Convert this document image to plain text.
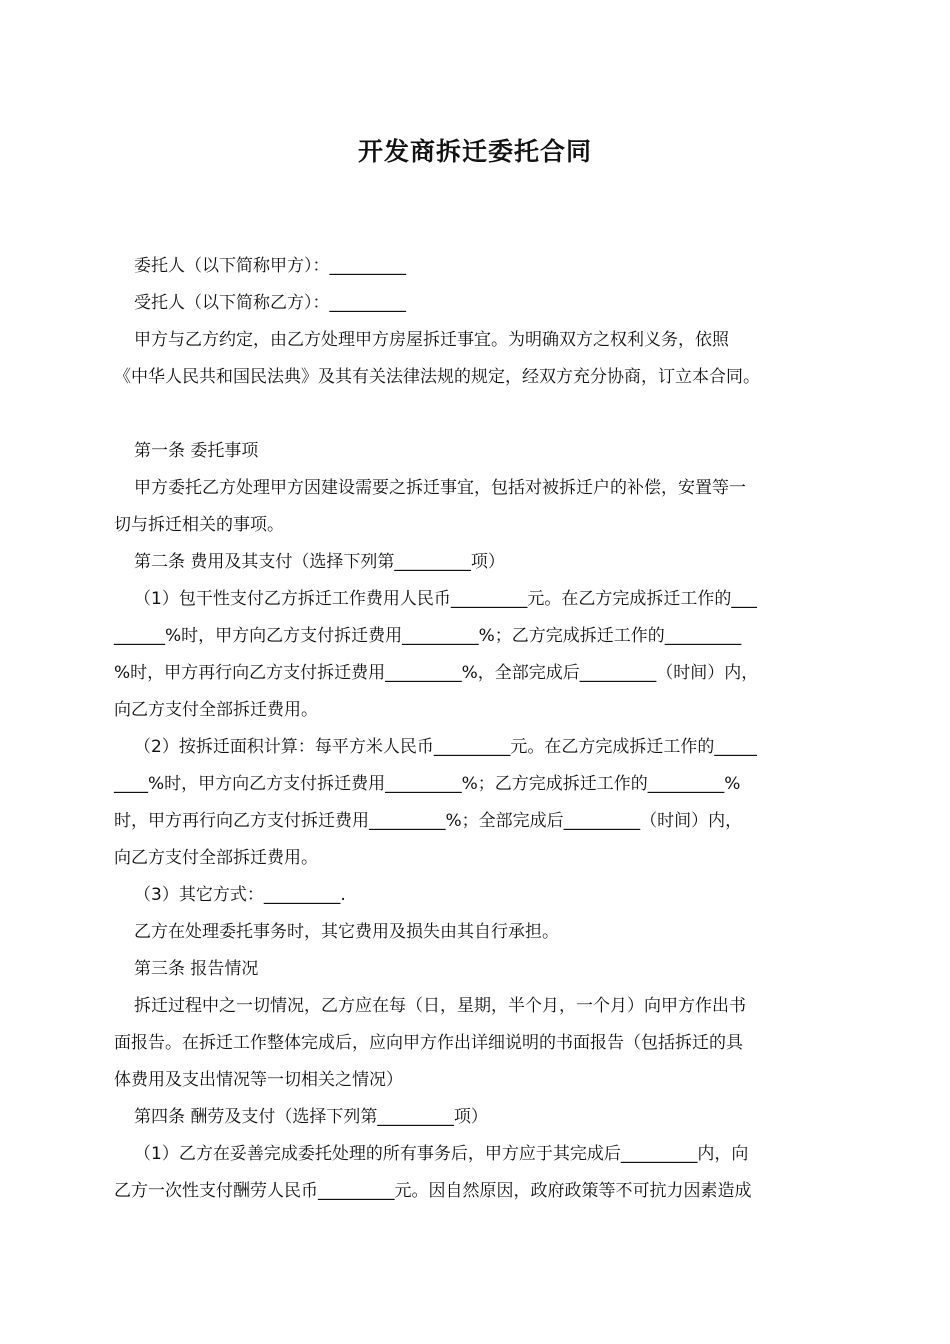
开发商拆迁委托合同
委托人（以下简称甲方）：_________
受托人（以下简称乙方）：_________
甲方与乙方约定，由乙方处理甲方房屋拆迁事宜。为明确双方之权利义务，依照
《中华人民共和国民法典》及其有关法律法规的规定，经双方充分协商，订立本合同。
第一条 委托事项
甲方委托乙方处理甲方因建设需要之拆迁事宜，包括对被拆迁户的补偿，安置等一
切与拆迁相关的事项。
第二条 费用及其支付（选择下列第_________项）
（1）包干性支付乙方拆迁工作费用人民币_________元。在乙方完成拆迁工作的___
______%时，甲方向乙方支付拆迁费用_________%；乙方完成拆迁工作的_________
%时，甲方再行向乙方支付拆迁费用_________%，全部完成后_________（时间）内，
向乙方支付全部拆迁费用。
（2）按拆迁面积计算：每平方米人民币_________元。在乙方完成拆迁工作的_____
____%时，甲方向乙方支付拆迁费用_________%；乙方完成拆迁工作的_________%
时，甲方再行向乙方支付拆迁费用_________%；全部完成后_________（时间）内，
向乙方支付全部拆迁费用。
（3）其它方式：_________.
乙方在处理委托事务时，其它费用及损失由其自行承担。
第三条 报告情况
拆迁过程中之一切情况，乙方应在每（日，星期，半个月，一个月）向甲方作出书
面报告。在拆迁工作整体完成后，应向甲方作出详细说明的书面报告（包括拆迁的具
体费用及支出情况等一切相关之情况）
第四条 酬劳及支付（选择下列第_________项）
（1）乙方在妥善完成委托处理的所有事务后，甲方应于其完成后_________内，向
乙方一次性支付酬劳人民币_________元。因自然原因，政府政策等不可抗力因素造成
